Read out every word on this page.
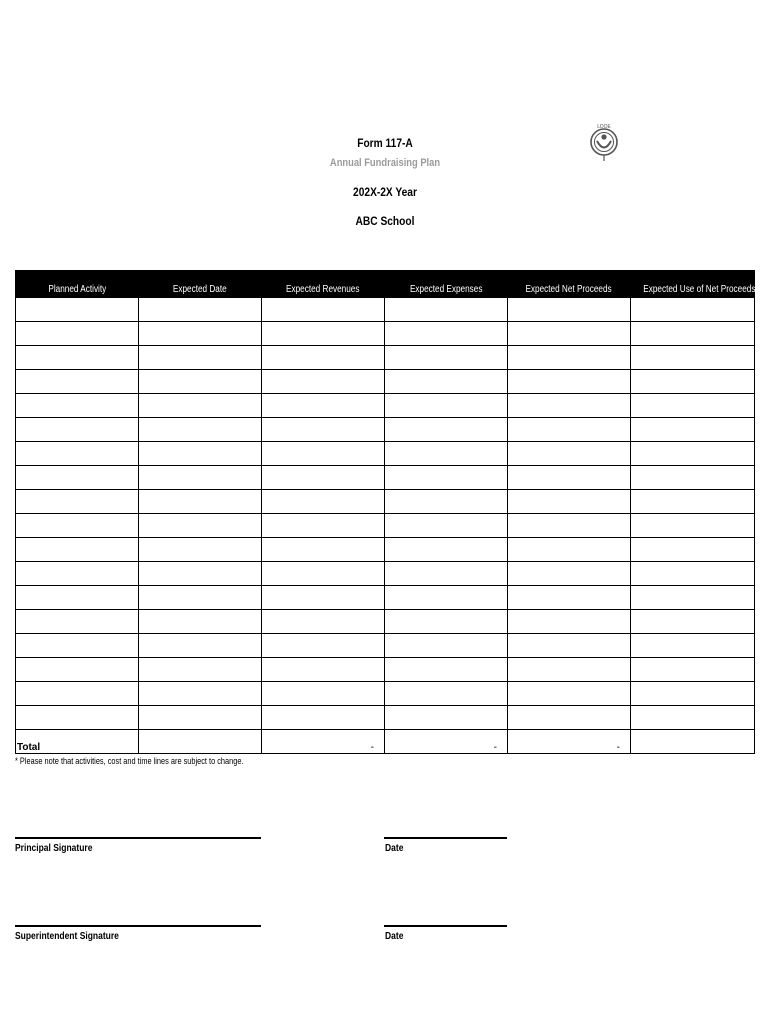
Form 117-A
Annual Fundraising Plan
202X-2X Year
ABC School
LDOE
Planned Activity	Expected Date	Expected Revenues	Expected Expenses	Expected Net Proceeds	Expected Use of Net Proceeds

Total		-	-	-	
* Please note that activities, cost and time lines are subject to change.
Principal Signature	Date
Superintendent Signature	Date
